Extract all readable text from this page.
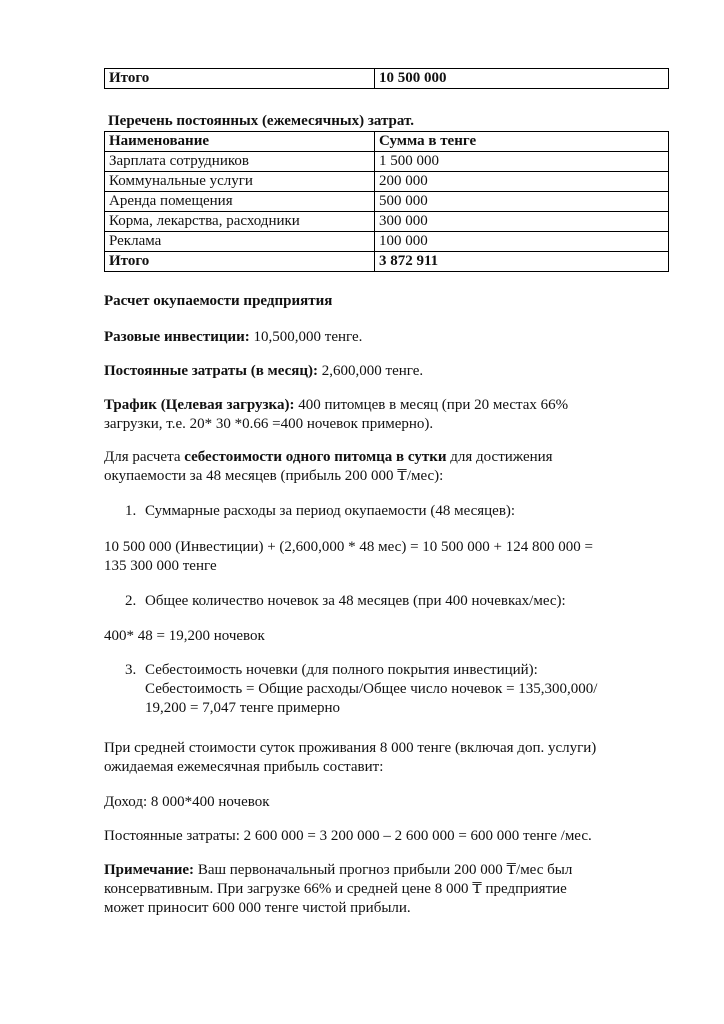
Итого	10 500 000
Перечень постоянных (ежемесячных) затрат.
Наименование	Сумма в тенге
Зарплата сотрудников	1 500 000
Коммунальные услуги	200 000
Аренда помещения	500 000
Корма, лекарства, расходники	300 000
Реклама	100 000
Итого	3 872 911
Расчет окупаемости предприятия
Разовые инвестиции: 10,500,000 тенге.
Постоянные затраты (в месяц): 2,600,000 тенге.
Трафик (Целевая загрузка): 400 питомцев в месяц (при 20 местах 66%
загрузки, т.е. 20* 30 *0.66 =400 ночевок примерно).
Для расчета себестоимости одного питомца в сутки для достижения
окупаемости за 48 месяцев (прибыль 200 000 ₸/мес):
1. Суммарные расходы за период окупаемости (48 месяцев):
10 500 000 (Инвестиции) + (2,600,000 * 48 мес) = 10 500 000 + 124 800 000 =
135 300 000 тенге
2. Общее количество ночевок за 48 месяцев (при 400 ночевках/мес):
400* 48 = 19,200 ночевок
3. Себестоимость ночевки (для полного покрытия инвестиций):
Себестоимость = Общие расходы/Общее число ночевок = 135,300,000/
19,200 = 7,047 тенге примерно
При средней стоимости суток проживания 8 000 тенге (включая доп. услуги)
ожидаемая ежемесячная прибыль составит:
Доход: 8 000*400 ночевок
Постоянные затраты: 2 600 000 = 3 200 000 – 2 600 000 = 600 000 тенге /мес.
Примечание: Ваш первоначальный прогноз прибыли 200 000 ₸/мес был
консервативным. При загрузке 66% и средней цене 8 000 ₸ предприятие
может приносит 600 000 тенге чистой прибыли.
